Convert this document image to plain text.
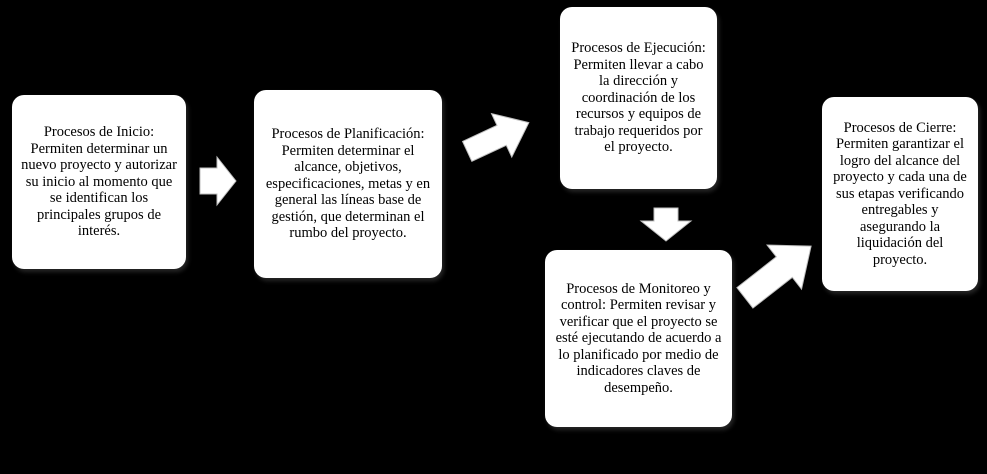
Procesos de Inicio: Permiten determinar un nuevo proyecto y autorizar su inicio al momento que se identifican los principales grupos de interés.

Procesos de Planificación: Permiten determinar el alcance, objetivos, especificaciones, metas y en general las líneas base de gestión, que determinan el rumbo del proyecto.

Procesos de Ejecución: Permiten llevar a cabo la dirección y coordinación de los recursos y equipos de trabajo requeridos por el proyecto.

Procesos de Monitoreo y control: Permiten revisar y verificar que el proyecto se esté ejecutando de acuerdo a lo planificado por medio de indicadores claves de desempeño.

Procesos de Cierre: Permiten garantizar el logro del alcance del proyecto y cada una de sus etapas verificando entregables y asegurando la liquidación del proyecto.
